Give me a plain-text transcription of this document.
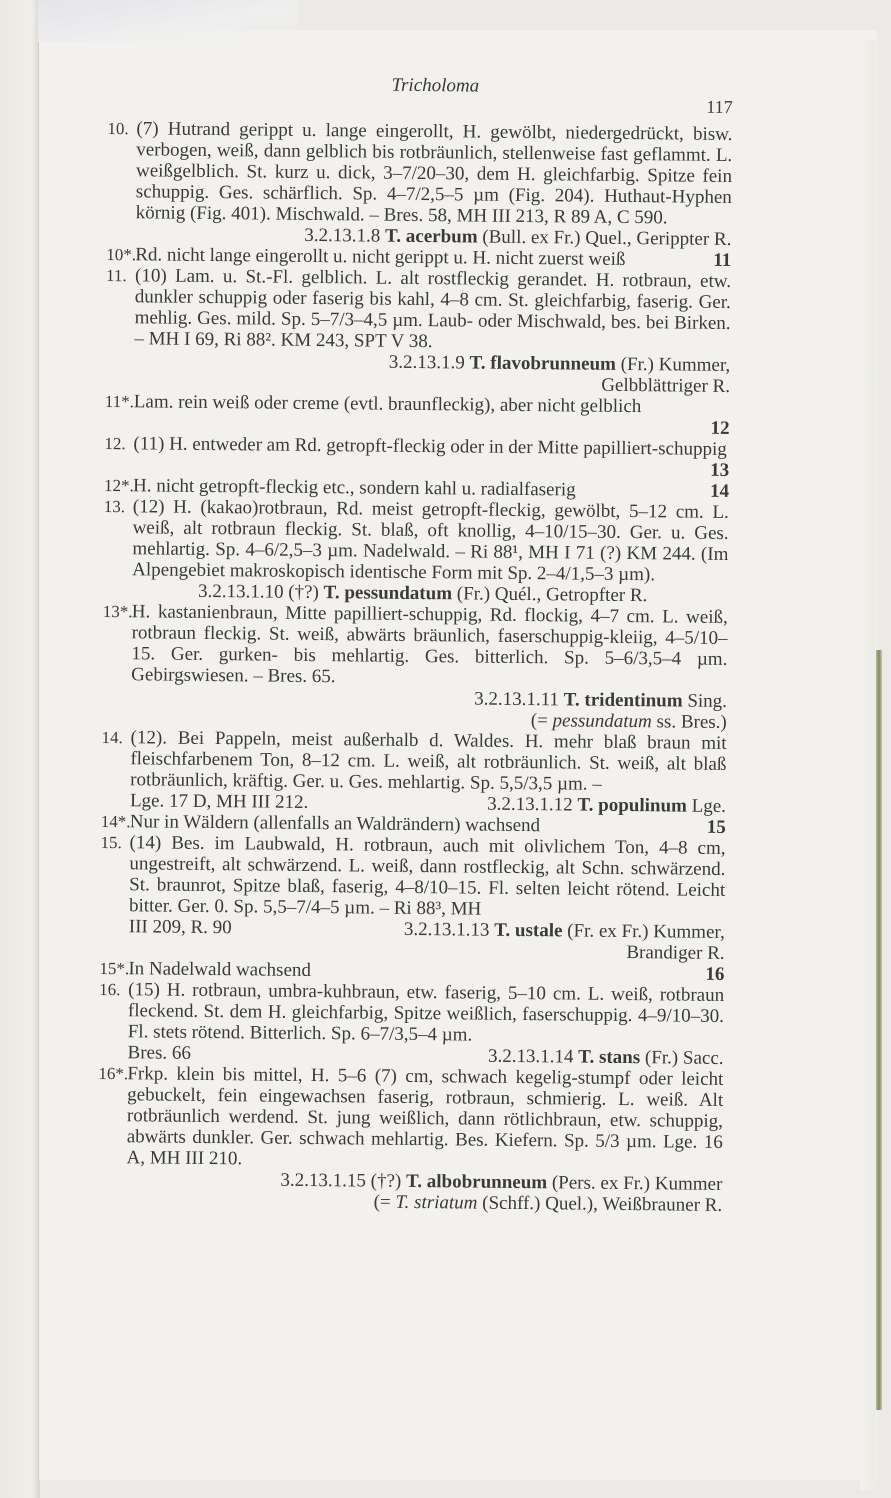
Tricholoma
117
10. (7) Hutrand gerippt u. lange eingerollt, H. gewölbt, niedergedrückt, bisw. verbogen, weiß, dann gelblich bis rotbräunlich, stellenweise fast geflammt. L. weißgelblich. St. kurz u. dick, 3–7/20–30, dem H. gleichfarbig. Spitze fein schuppig. Ges. schärflich. Sp. 4–7/2,5–5 µm (Fig. 204). Huthaut-Hyphen körnig (Fig. 401). Mischwald. – Bres. 58, MH III 213, R 89 A, C 590.
3.2.13.1.8 T. acerbum (Bull. ex Fr.) Quel., Gerippter R.
10*. Rd. nicht lange eingerollt u. nicht gerippt u. H. nicht zuerst weiß	11
11. (10) Lam. u. St.-Fl. gelblich. L. alt rostfleckig gerandet. H. rotbraun, etw. dunkler schuppig oder faserig bis kahl, 4–8 cm. St. gleichfarbig, faserig. Ger. mehlig. Ges. mild. Sp. 5–7/3–4,5 µm. Laub- oder Mischwald, bes. bei Birken. – MH I 69, Ri 88². KM 243, SPT V 38.
3.2.13.1.9 T. flavobrunneum (Fr.) Kummer,
Gelbblättriger R.
11*. Lam. rein weiß oder creme (evtl. braunfleckig), aber nicht gelblich
12
12. (11) H. entweder am Rd. getropft-fleckig oder in der Mitte papilliert-schuppig
13
12*. H. nicht getropft-fleckig etc., sondern kahl u. radialfaserig	14
13. (12) H. (kakao)rotbraun, Rd. meist getropft-fleckig, gewölbt, 5–12 cm. L. weiß, alt rotbraun fleckig. St. blaß, oft knollig, 4–10/15–30. Ger. u. Ges. mehlartig. Sp. 4–6/2,5–3 µm. Nadelwald. – Ri 88¹, MH I 71 (?) KM 244. (Im Alpengebiet makroskopisch identische Form mit Sp. 2–4/1,5–3 µm).
3.2.13.1.10 (†?) T. pessundatum (Fr.) Quél., Getropfter R.
13*. H. kastanienbraun, Mitte papilliert-schuppig, Rd. flockig, 4–7 cm. L. weiß, rotbraun fleckig. St. weiß, abwärts bräunlich, faserschuppig-kleiig, 4–5/10–15. Ger. gurken- bis mehlartig. Ges. bitterlich. Sp. 5–6/3,5–4 µm. Gebirgswiesen. – Bres. 65.
3.2.13.1.11 T. tridentinum Sing.
(= pessundatum ss. Bres.)
14. (12). Bei Pappeln, meist außerhalb d. Waldes. H. mehr blaß braun mit fleischfarbenem Ton, 8–12 cm. L. weiß, alt rotbräunlich. St. weiß, alt blaß rotbräunlich, kräftig. Ger. u. Ges. mehlartig. Sp. 5,5/3,5 µm. –
Lge. 17 D, MH III 212.	3.2.13.1.12 T. populinum Lge.
14*. Nur in Wäldern (allenfalls an Waldrändern) wachsend	15
15. (14) Bes. im Laubwald, H. rotbraun, auch mit olivlichem Ton, 4–8 cm, ungestreift, alt schwärzend. L. weiß, dann rostfleckig, alt Schn. schwärzend. St. braunrot, Spitze blaß, faserig, 4–8/10–15. Fl. selten leicht rötend. Leicht bitter. Ger. 0. Sp. 5,5–7/4–5 µm. – Ri 88³, MH
III 209, R. 90	3.2.13.1.13 T. ustale (Fr. ex Fr.) Kummer,
Brandiger R.
15*. In Nadelwald wachsend	16
16. (15) H. rotbraun, umbra-kuhbraun, etw. faserig, 5–10 cm. L. weiß, rotbraun fleckend. St. dem H. gleichfarbig, Spitze weißlich, faserschuppig. 4–9/10–30. Fl. stets rötend. Bitterlich. Sp. 6–7/3,5–4 µm.
Bres. 66	3.2.13.1.14 T. stans (Fr.) Sacc.
16*. Frkp. klein bis mittel, H. 5–6 (7) cm, schwach kegelig-stumpf oder leicht gebuckelt, fein eingewachsen faserig, rotbraun, schmierig. L. weiß. Alt rotbräunlich werdend. St. jung weißlich, dann rötlichbraun, etw. schuppig, abwärts dunkler. Ger. schwach mehlartig. Bes. Kiefern. Sp. 5/3 µm. Lge. 16 A, MH III 210.
3.2.13.1.15 (†?) T. albobrunneum (Pers. ex Fr.) Kummer
(= T. striatum (Schff.) Quel.), Weißbrauner R.
